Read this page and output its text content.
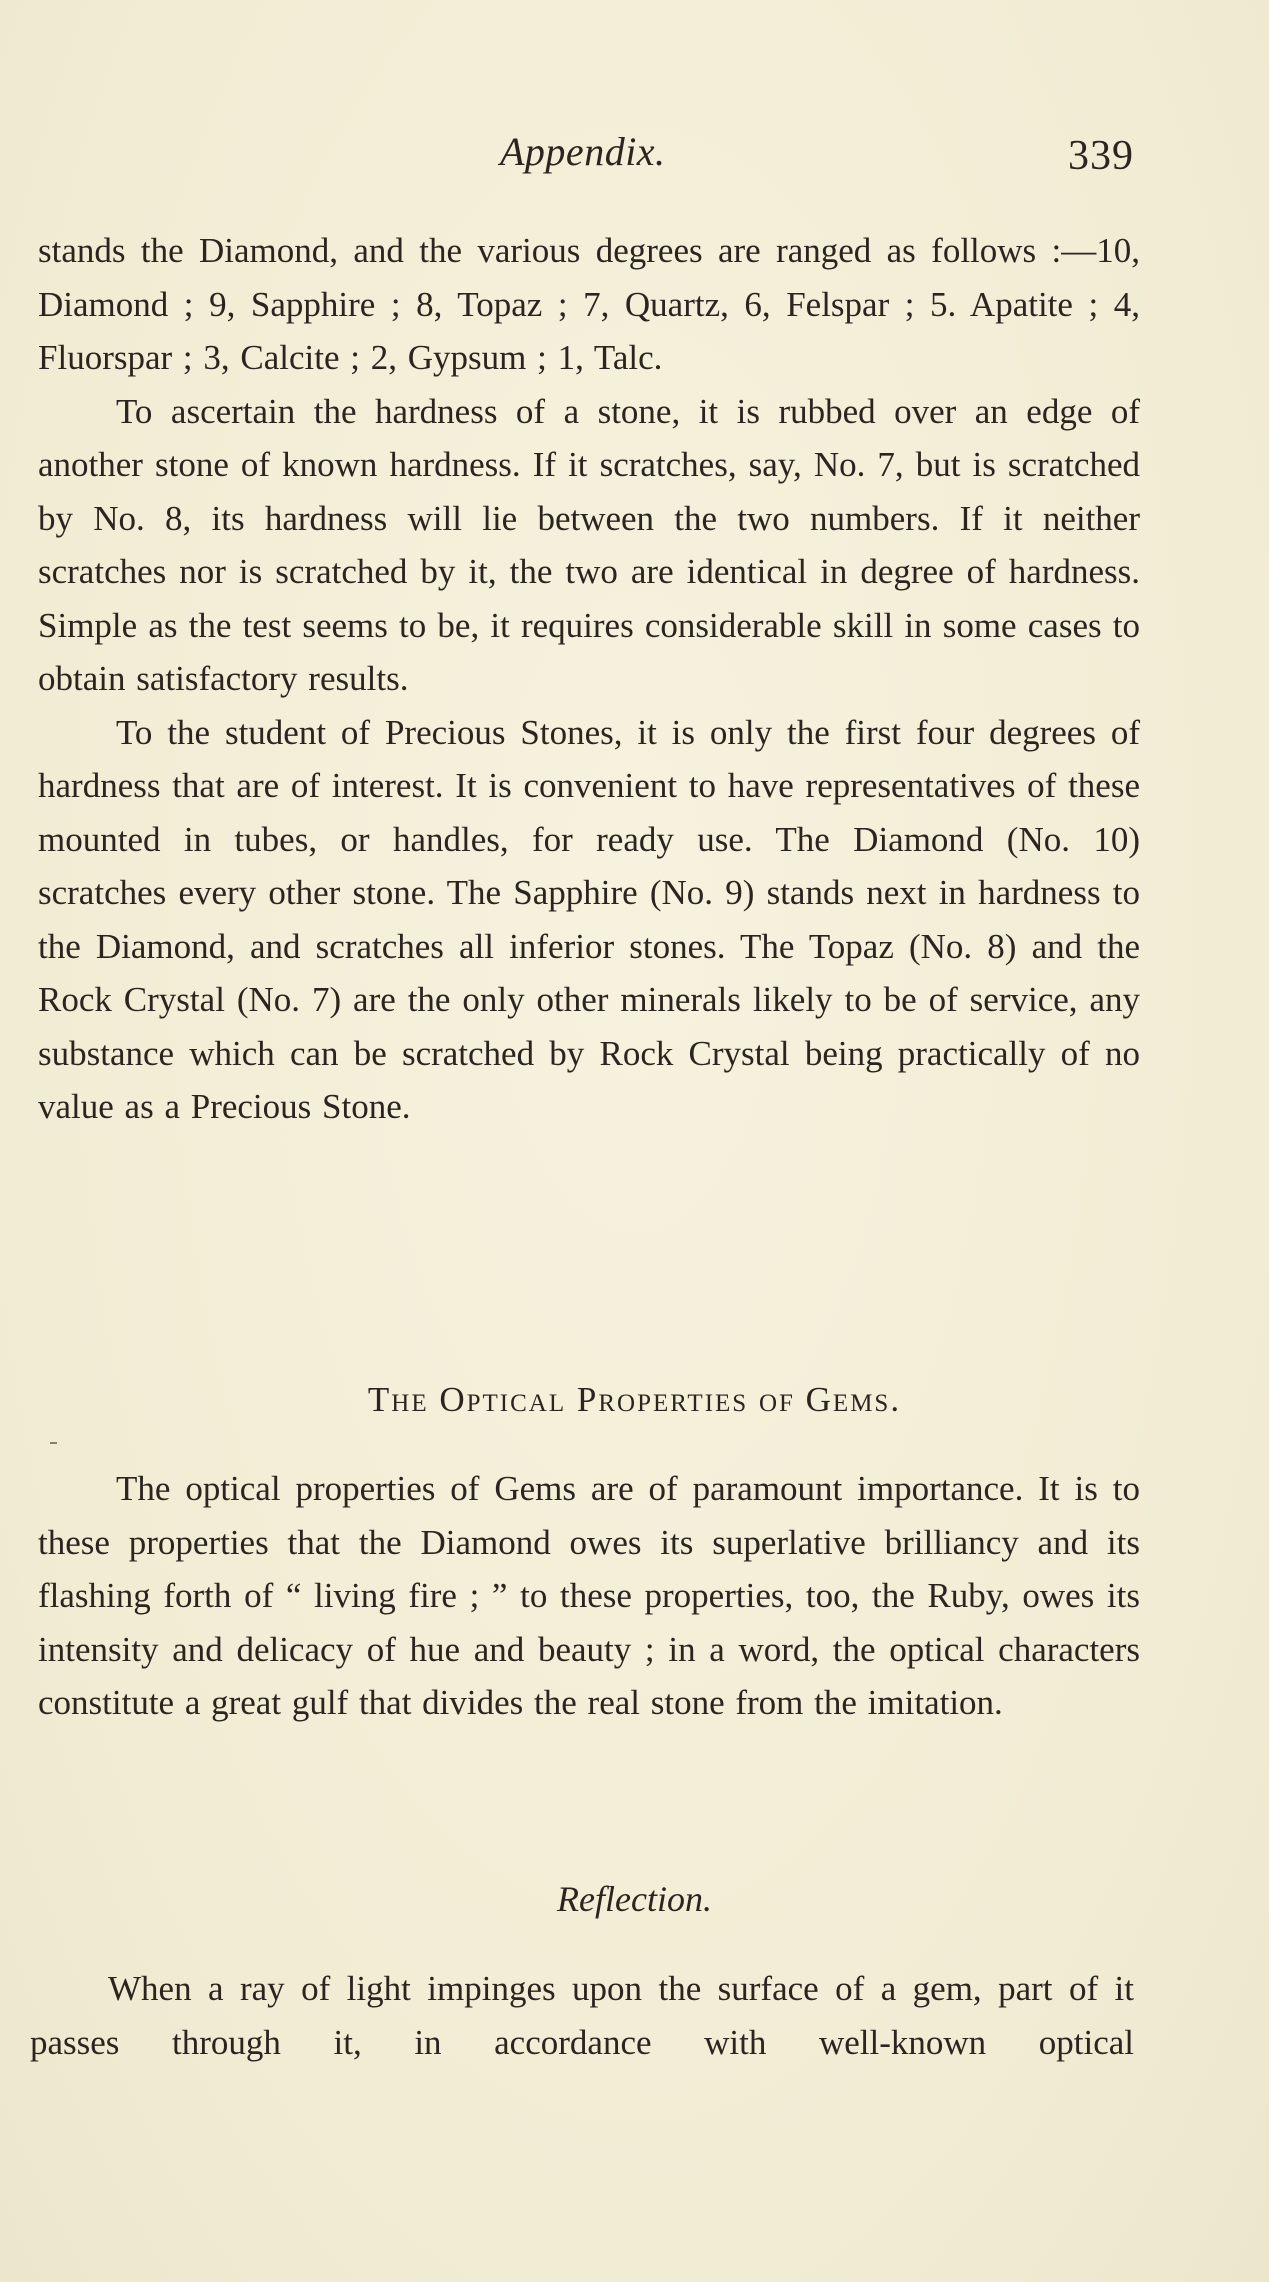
Appendix.	339

stands the Diamond, and the various degrees are ranged as follows :—10, Diamond ; 9, Sapphire ; 8, Topaz ; 7, Quartz, 6, Felspar ; 5. Apatite ; 4, Fluorspar ; 3, Calcite ; 2, Gypsum ; 1, Talc.

To ascertain the hardness of a stone, it is rubbed over an edge of another stone of known hardness. If it scratches, say, No. 7, but is scratched by No. 8, its hardness will lie between the two numbers. If it neither scratches nor is scratched by it, the two are identical in degree of hardness. Simple as the test seems to be, it requires considerable skill in some cases to obtain satisfactory results.

To the student of Precious Stones, it is only the first four degrees of hardness that are of interest. It is convenient to have representatives of these mounted in tubes, or handles, for ready use. The Diamond (No. 10) scratches every other stone. The Sapphire (No. 9) stands next in hardness to the Diamond, and scratches all inferior stones. The Topaz (No. 8) and the Rock Crystal (No. 7) are the only other minerals likely to be of service, any substance which can be scratched by Rock Crystal being practically of no value as a Precious Stone.

The Optical Properties of Gems.

The optical properties of Gems are of paramount importance. It is to these properties that the Diamond owes its superlative brilliancy and its flashing forth of “ living fire ; ” to these properties, too, the Ruby, owes its intensity and delicacy of hue and beauty ; in a word, the optical characters constitute a great gulf that divides the real stone from the imitation.

Reflection.

When a ray of light impinges upon the surface of a gem, part of it passes through it, in accordance with well-known optical
